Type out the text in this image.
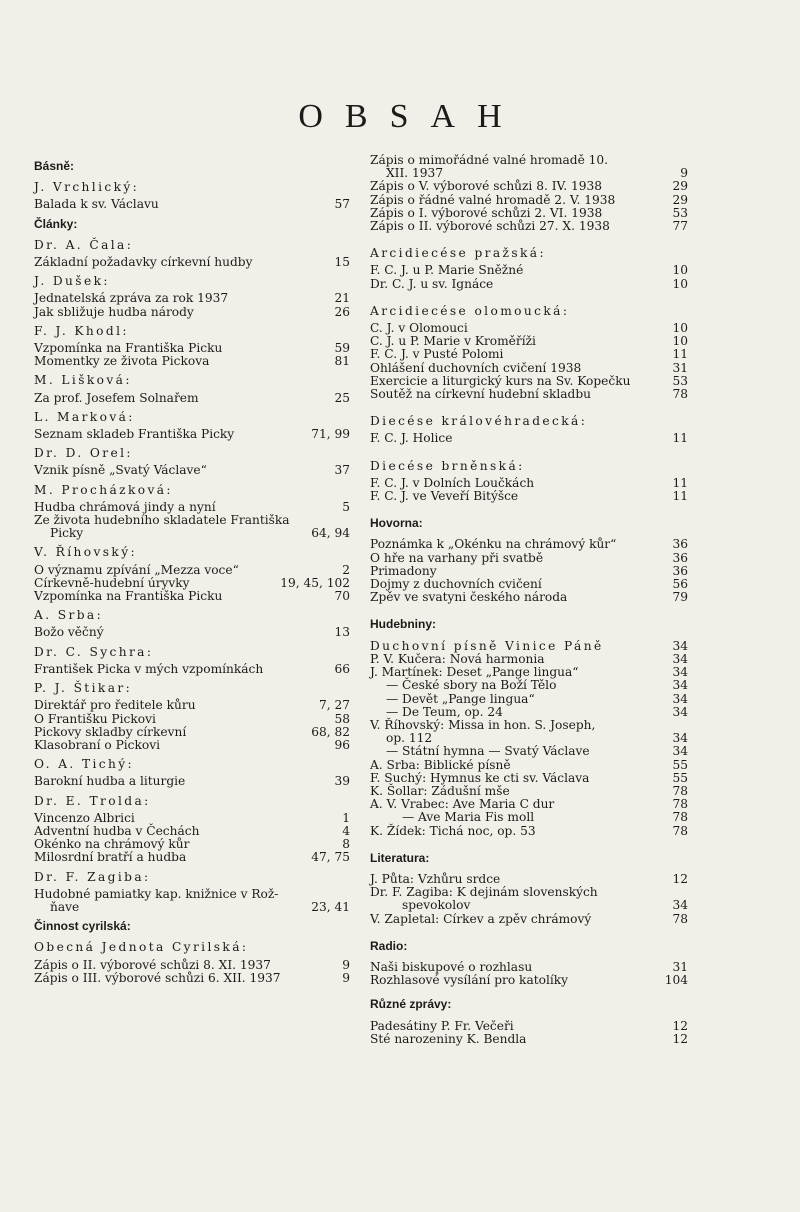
OBSAH
Básně:
J. Vrchlický:
Balada k sv. Václavu	57
Články:
Dr. A. Čala:
Základní požadavky církevní hudby	15
J. Dušek:
Jednatelská zpráva za rok 1937	21
Jak sbližuje hudba národy	26
F. J. Khodl:
Vzpomínka na Františka Picku	59
Momentky ze života Pickova	81
M. Lišková:
Za prof. Josefem Solnařem	25
L. Marková:
Seznam skladeb Františka Picky	71, 99
Dr. D. Orel:
Vznik písně „Svatý Václave“	37
M. Procházková:
Hudba chrámová jindy a nyní	5
Ze života hudebního skladatele Františka
Picky	64, 94
V. Říhovský:
O významu zpívání „Mezza voce“	2
Církevně-hudební úryvky	19, 45, 102
Vzpomínka na Františka Picku	70
A. Srba:
Božo věčný	13
Dr. C. Sychra:
František Picka v mých vzpomínkách	66
P. J. Štikar:
Direktář pro ředitele kůru	7, 27
O Františku Pickovi	58
Pickovy skladby církevní	68, 82
Klasobraní o Pickovi	96
O. A. Tichý:
Barokní hudba a liturgie	39
Dr. E. Trolda:
Vincenzo Albrici	1
Adventní hudba v Čechách	4
Okénko na chrámový kůr	8
Milosrdní bratří a hudba	47, 75
Dr. F. Zagiba:
Hudobné pamiatky kap. knižnice v Rož-
ňave	23, 41
Činnost cyrilská:
Obecná Jednota Cyrilská:
Zápis o II. výborové schůzi 8. XI. 1937	9
Zápis o III. výborové schůzi 6. XII. 1937	9
Zápis o mimořádné valné hromadě 10.
XII. 1937	9
Zápis o V. výborové schůzi 8. IV. 1938	29
Zápis o řádné valné hromadě 2. V. 1938	29
Zápis o I. výborové schůzi 2. VI. 1938	53
Zápis o II. výborové schůzi 27. X. 1938	77
Arcidiecése pražská:
F. C. J. u P. Marie Sněžné	10
Dr. C. J. u sv. Ignáce	10
Arcidiecése olomoucká:
C. J. v Olomouci	10
C. J. u P. Marie v Kroměříži	10
F. C. J. v Pusté Polomi	11
Ohlášení duchovních cvičení 1938	31
Exercicie a liturgický kurs na Sv. Kopečku	53
Soutěž na církevní hudební skladbu	78
Diecése královéhradecká:
F. C. J. Holice	11
Diecése brněnská:
F. C. J. v Dolních Loučkách	11
F. C. J. ve Veveří Bitýšce	11
Hovorna:
Poznámka k „Okénku na chrámový kůr“	36
O hře na varhany při svatbě	36
Primadony	36
Dojmy z duchovních cvičení	56
Zpěv ve svatyni českého národa	79
Hudebniny:
Duchovní písně Vinice Páně	34
P. V. Kučera: Nová harmonia	34
J. Martínek: Deset „Pange lingua“	34
— České sbory na Boží Tělo	34
— Devět „Pange lingua“	34
— De Teum, op. 24	34
V. Říhovský: Missa in hon. S. Joseph,
op. 112	34
— Státní hymna — Svatý Václave	34
A. Srba: Biblické písně	55
F. Suchý: Hymnus ke cti sv. Václava	55
K. Šollar: Zádušní mše	78
A. V. Vrabec: Ave Maria C dur	78
— Ave Maria Fis moll	78
K. Žídek: Tichá noc, op. 53	78
Literatura:
J. Půta: Vzhůru srdce	12
Dr. F. Zagiba: K dejinám slovenských
spevokolov	34
V. Zapletal: Církev a zpěv chrámový	78
Radio:
Naši biskupové o rozhlasu	31
Rozhlasové vysílání pro katolíky	104
Různé zprávy:
Padesátiny P. Fr. Večeři	12
Sté narozeniny K. Bendla	12
